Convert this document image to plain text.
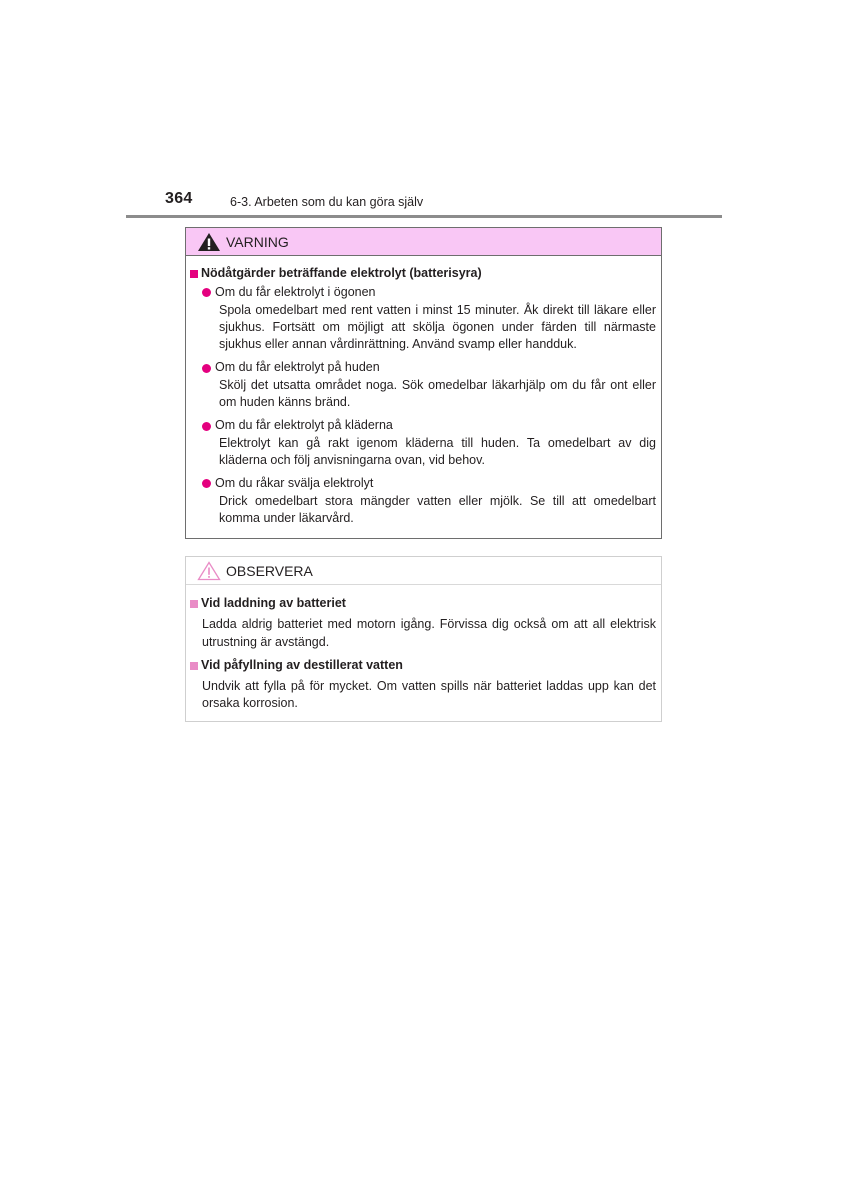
364	6-3. Arbeten som du kan göra själv
VARNING
Nödåtgärder beträffande elektrolyt (batterisyra)
Om du får elektrolyt i ögonen
Spola omedelbart med rent vatten i minst 15 minuter. Åk direkt till läkare eller sjukhus. Fortsätt om möjligt att skölja ögonen under färden till närmaste sjukhus eller annan vårdinrättning. Använd svamp eller handduk.
Om du får elektrolyt på huden
Skölj det utsatta området noga. Sök omedelbar läkarhjälp om du får ont eller om huden känns bränd.
Om du får elektrolyt på kläderna
Elektrolyt kan gå rakt igenom kläderna till huden. Ta omedelbart av dig kläderna och följ anvisningarna ovan, vid behov.
Om du råkar svälja elektrolyt
Drick omedelbart stora mängder vatten eller mjölk. Se till att omedelbart komma under läkarvård.
OBSERVERA
Vid laddning av batteriet
Ladda aldrig batteriet med motorn igång. Förvissa dig också om att all elektrisk utrustning är avstängd.
Vid påfyllning av destillerat vatten
Undvik att fylla på för mycket. Om vatten spills när batteriet laddas upp kan det orsaka korrosion.
